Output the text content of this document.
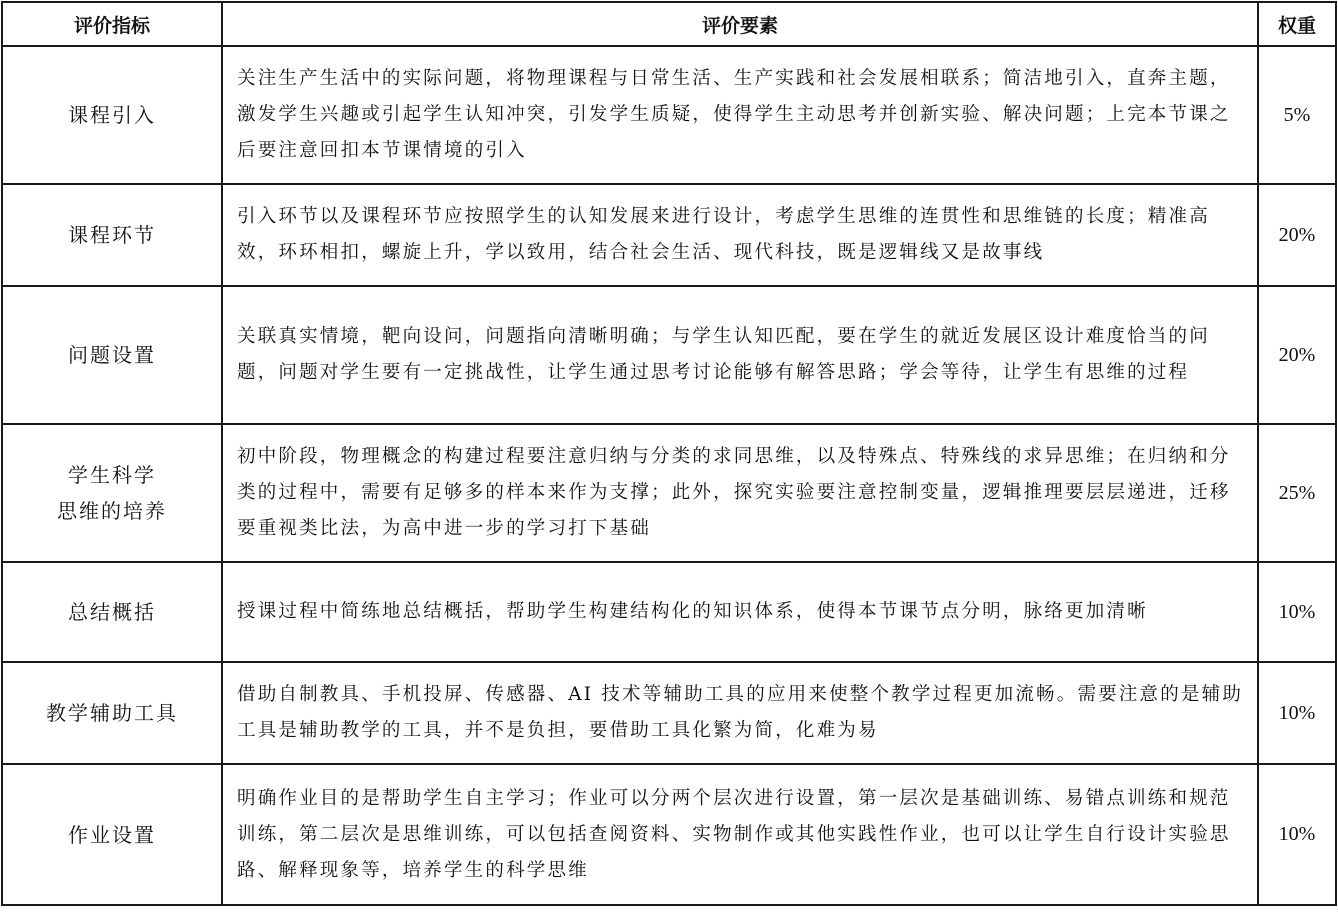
评价指标	评价要素	权重
课程引入	关注生产生活中的实际问题，将物理课程与日常生活、生产实践和社会发展相联系；简洁地引入，直奔主题，激发学生兴趣或引起学生认知冲突，引发学生质疑，使得学生主动思考并创新实验、解决问题；上完本节课之后要注意回扣本节课情境的引入	5%
课程环节	引入环节以及课程环节应按照学生的认知发展来进行设计，考虑学生思维的连贯性和思维链的长度；精准高效，环环相扣，螺旋上升，学以致用，结合社会生活、现代科技，既是逻辑线又是故事线	20%
问题设置	关联真实情境，靶向设问，问题指向清晰明确；与学生认知匹配，要在学生的就近发展区设计难度恰当的问题，问题对学生要有一定挑战性，让学生通过思考讨论能够有解答思路；学会等待，让学生有思维的过程	20%
学生科学
思维的培养	初中阶段，物理概念的构建过程要注意归纳与分类的求同思维，以及特殊点、特殊线的求异思维；在归纳和分类的过程中，需要有足够多的样本来作为支撑；此外，探究实验要注意控制变量，逻辑推理要层层递进，迁移要重视类比法，为高中进一步的学习打下基础	25%
总结概括	授课过程中简练地总结概括，帮助学生构建结构化的知识体系，使得本节课节点分明，脉络更加清晰	10%
教学辅助工具	借助自制教具、手机投屏、传感器、AI 技术等辅助工具的应用来使整个教学过程更加流畅。需要注意的是辅助工具是辅助教学的工具，并不是负担，要借助工具化繁为简，化难为易	10%
作业设置	明确作业目的是帮助学生自主学习；作业可以分两个层次进行设置，第一层次是基础训练、易错点训练和规范训练，第二层次是思维训练，可以包括查阅资料、实物制作或其他实践性作业，也可以让学生自行设计实验思路、解释现象等，培养学生的科学思维	10%
